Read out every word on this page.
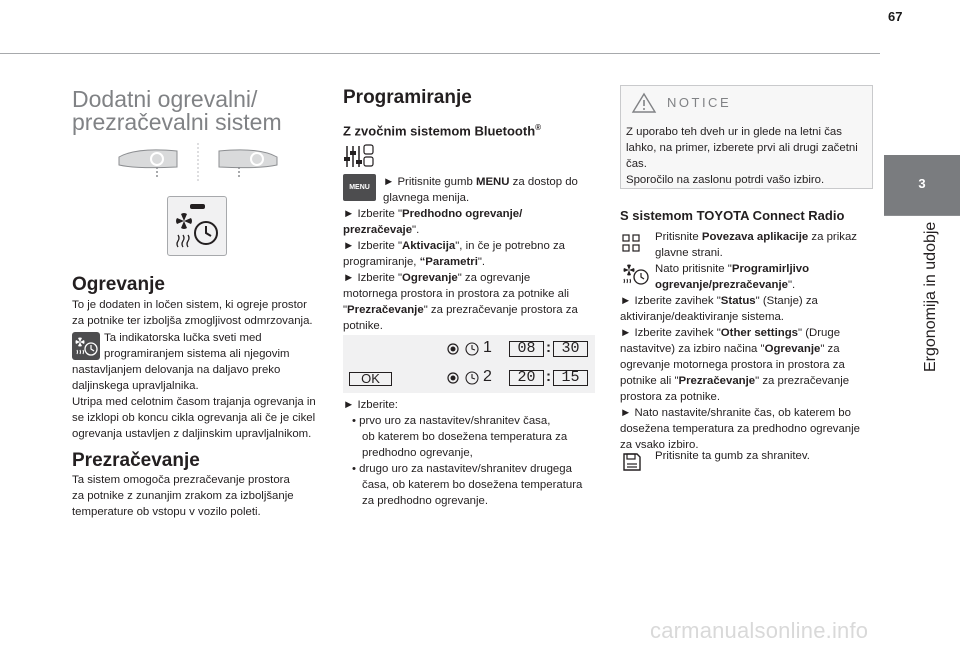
67
3
Ergonomija in udobje
Dodatni ogrevalni/
prezračevalni sistem
Ogrevanje
To je dodaten in ločen sistem, ki ogreje prostor
za potnike ter izboljša zmogljivost odmrzovanja.
Ta indikatorska lučka sveti med
programiranjem sistema ali njegovim
nastavljanjem delovanja na daljavo preko
daljinskega upravljalnika.
Utripa med celotnim časom trajanja ogrevanja in
se izklopi ob koncu cikla ogrevanja ali če je cikel
ogrevanja ustavljen z daljinskim upravljalnikom.
Prezračevanje
Ta sistem omogoča prezračevanje prostora
za potnike z zunanjim zrakom za izboljšanje
temperature ob vstopu v vozilo poleti.
Programiranje
Z zvočnim sistemom Bluetooth®
MENU	► Pritisnite gumb MENU za dostop do
glavnega menija.
► Izberite "Predhodno ogrevanje/
prezračevaje".
► Izberite "Aktivacija", in če je potrebno za
programiranje, “Parametri".
► Izberite "Ogrevanje" za ogrevanje
motornega prostora in prostora za potnike ali
"Prezračevanje" za prezračevanje prostora za
potnike.
OK
1	08 : 30
2	20 : 15
► Izberite:
• prvo uro za nastavitev/shranitev časa,
ob katerem bo dosežena temperatura za
predhodno ogrevanje,
• drugo uro za nastavitev/shranitev drugega
časa, ob katerem bo dosežena temperatura
za predhodno ogrevanje.
NOTICE
Z uporabo teh dveh ur in glede na letni čas
lahko, na primer, izberete prvi ali drugi začetni
čas.
Sporočilo na zaslonu potrdi vašo izbiro.
S sistemom TOYOTA Connect Radio
Pritisnite Povezava aplikacije za prikaz
glavne strani.
Nato pritisnite "Programirljivo
ogrevanje/prezračevanje".
► Izberite zavihek "Status" (Stanje) za
aktiviranje/deaktiviranje sistema.
► Izberite zavihek "Other settings" (Druge
nastavitve) za izbiro načina "Ogrevanje" za
ogrevanje motornega prostora in prostora za
potnike ali "Prezračevanje" za prezračevanje
prostora za potnike.
► Nato nastavite/shranite čas, ob katerem bo
dosežena temperatura za predhodno ogrevanje
za vsako izbiro.
Pritisnite ta gumb za shranitev.
carmanualsonline.info
